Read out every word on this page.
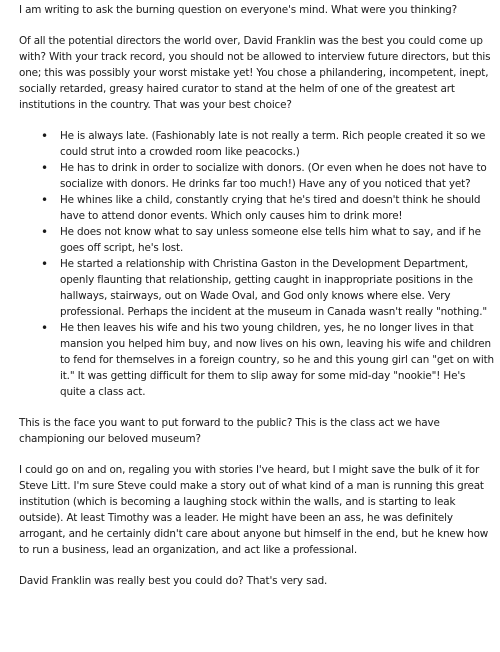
I am writing to ask the burning question on everyone's mind. What were you thinking?

Of all the potential directors the world over, David Franklin was the best you could come up with? With your track record, you should not be allowed to interview future directors, but this one; this was possibly your worst mistake yet! You chose a philandering, incompetent, inept, socially retarded, greasy haired curator to stand at the helm of one of the greatest art institutions in the country. That was your best choice?

• He is always late. (Fashionably late is not really a term. Rich people created it so we could strut into a crowded room like peacocks.)
• He has to drink in order to socialize with donors. (Or even when he does not have to socialize with donors. He drinks far too much!) Have any of you noticed that yet?
• He whines like a child, constantly crying that he's tired and doesn't think he should have to attend donor events. Which only causes him to drink more!
• He does not know what to say unless someone else tells him what to say, and if he goes off script, he's lost.
• He started a relationship with Christina Gaston in the Development Department, openly flaunting that relationship, getting caught in inappropriate positions in the hallways, stairways, out on Wade Oval, and God only knows where else. Very professional. Perhaps the incident at the museum in Canada wasn't really "nothing."
• He then leaves his wife and his two young children, yes, he no longer lives in that mansion you helped him buy, and now lives on his own, leaving his wife and children to fend for themselves in a foreign country, so he and this young girl can "get on with it." It was getting difficult for them to slip away for some mid-day "nookie"! He's quite a class act.

This is the face you want to put forward to the public? This is the class act we have championing our beloved museum?

I could go on and on, regaling you with stories I've heard, but I might save the bulk of it for Steve Litt. I'm sure Steve could make a story out of what kind of a man is running this great institution (which is becoming a laughing stock within the walls, and is starting to leak outside). At least Timothy was a leader. He might have been an ass, he was definitely arrogant, and he certainly didn't care about anyone but himself in the end, but he knew how to run a business, lead an organization, and act like a professional.

David Franklin was really best you could do? That's very sad.
